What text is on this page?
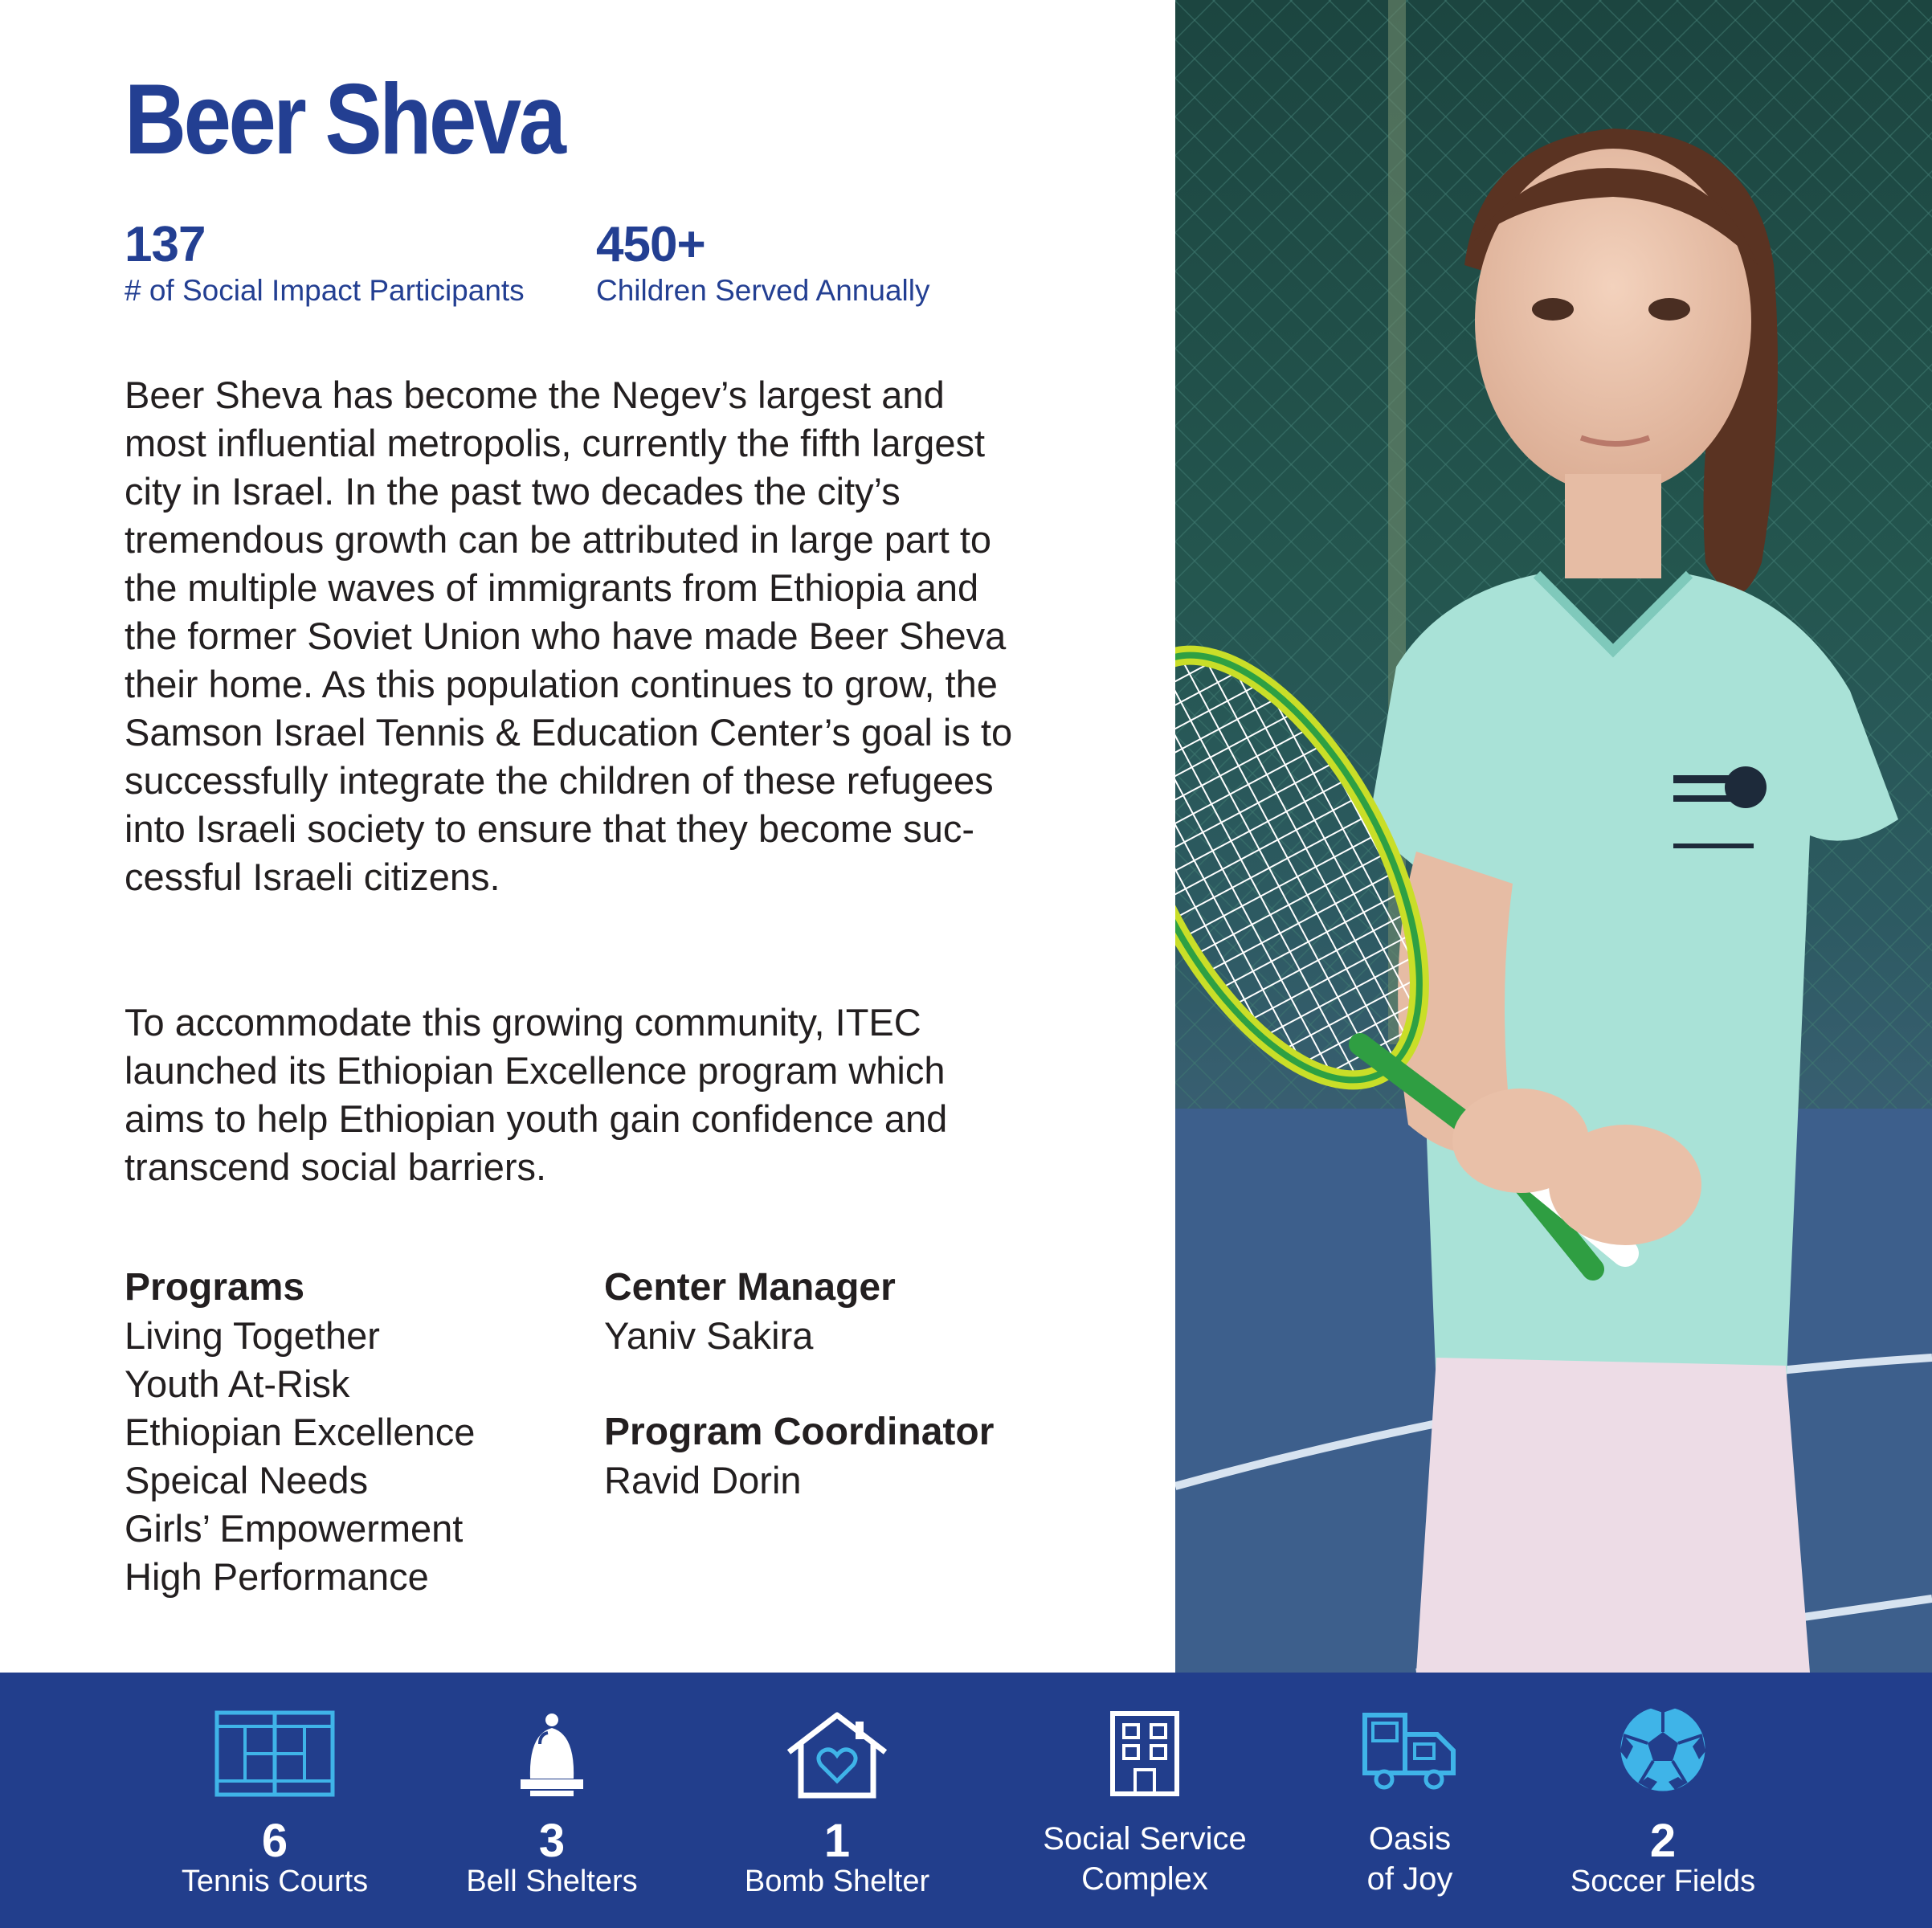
Beer Sheva
137
# of Social Impact Participants
450+
Children Served Annually

Beer Sheva has become the Negev’s largest and most influential metropolis, currently the fifth largest city in Israel. In the past two decades the city’s tremendous growth can be attributed in large part to the multiple waves of immigrants from Ethiopia and the former Soviet Union who have made Beer Sheva their home. As this population continues to grow, the Samson Israel Tennis & Education Center’s goal is to successfully integrate the children of these refugees into Israeli society to ensure that they become successful Israeli citizens.

To accommodate this growing community, ITEC launched its Ethiopian Excellence program which aims to help Ethiopian youth gain confidence and transcend social barriers.

Programs
Living Together
Youth At-Risk
Ethiopian Excellence
Speical Needs
Girls’ Empowerment
High Performance
Center Manager
Yaniv Sakira
Program Coordinator
Ravid Dorin
6
Tennis Courts
3
Bell Shelters
1
Bomb Shelter
Social Service
Complex
Oasis
of Joy
2
Soccer Fields
